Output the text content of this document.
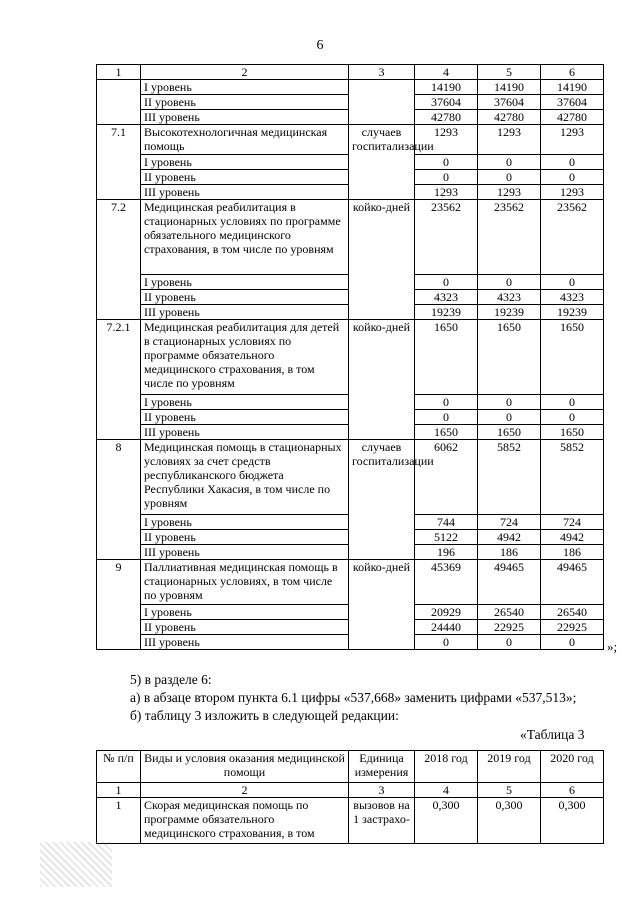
6
1	2	3	4	5	6
	I уровень		14190	14190	14190
	II уровень		37604	37604	37604
	III уровень		42780	42780	42780
7.1	Высокотехнологичная медицинская помощь	случаев госпитализации	1293	1293	1293
	I уровень		0	0	0
	II уровень		0	0	0
	III уровень		1293	1293	1293
7.2	Медицинская реабилитация в стационарных условиях по программе обязательного медицинского страхования, в том числе по уровням	койко-дней	23562	23562	23562
	I уровень		0	0	0
	II уровень		4323	4323	4323
	III уровень		19239	19239	19239
7.2.1	Медицинская реабилитация для детей в стационарных условиях по программе обязательного медицинского страхования, в том числе по уровням	койко-дней	1650	1650	1650
	I уровень		0	0	0
	II уровень		0	0	0
	III уровень		1650	1650	1650
8	Медицинская помощь в стационарных условиях за счет средств республиканского бюджета Республики Хакасия, в том числе по уровням	случаев госпитализации	6062	5852	5852
	I уровень		744	724	724
	II уровень		5122	4942	4942
	III уровень		196	186	186
9	Паллиативная медицинская помощь в стационарных условиях, в том числе по уровням	койко-дней	45369	49465	49465
	I уровень		20929	26540	26540
	II уровень		24440	22925	22925
	III уровень		0	0	0 »;
5) в разделе 6:
а) в абзаце втором пункта 6.1 цифры «537,668» заменить цифрами «537,513»;
б) таблицу 3 изложить в следующей редакции:
«Таблица 3
№ п/п	Виды и условия оказания медицинской помощи	Единица измерения	2018 год	2019 год	2020 год
1	2	3	4	5	6
1	Скорая медицинская помощь по программе обязательного медицинского страхования, в том	вызовов на 1 застрахо-	0,300	0,300	0,300
